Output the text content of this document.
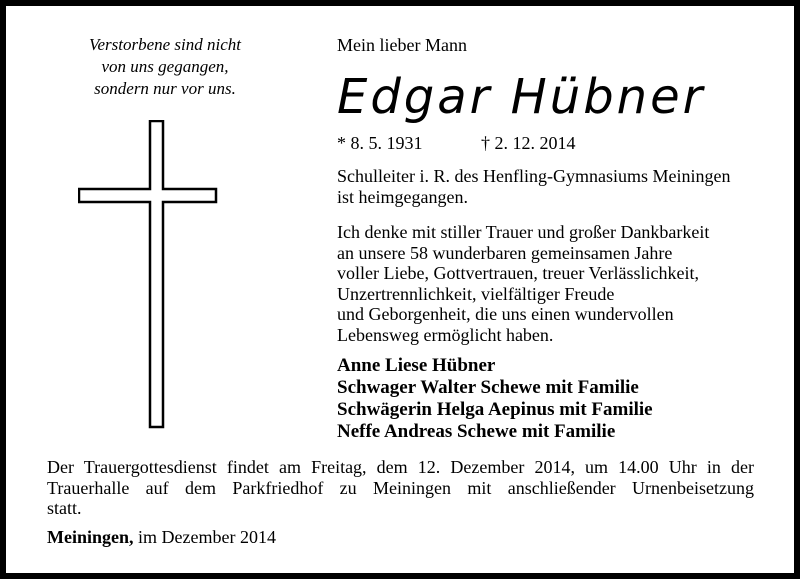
Verstorbene sind nicht
von uns gegangen,
sondern nur vor uns.
Mein lieber Mann
Edgar Hübner
* 8. 5. 1931	† 2. 12. 2014
Schulleiter i. R. des Henfling-Gymnasiums Meiningen
ist heimgegangen.
Ich denke mit stiller Trauer und großer Dankbarkeit
an unsere 58 wunderbaren gemeinsamen Jahre
voller Liebe, Gottvertrauen, treuer Verlässlichkeit,
Unzertrennlichkeit, vielfältiger Freude
und Geborgenheit, die uns einen wundervollen
Lebensweg ermöglicht haben.
Anne Liese Hübner
Schwager Walter Schewe mit Familie
Schwägerin Helga Aepinus mit Familie
Neffe Andreas Schewe mit Familie
Der Trauergottesdienst findet am Freitag, dem 12. Dezember 2014, um 14.00 Uhr in der
Trauerhalle auf dem Parkfriedhof zu Meiningen mit anschließender Urnenbeisetzung
statt.
Meiningen, im Dezember 2014
